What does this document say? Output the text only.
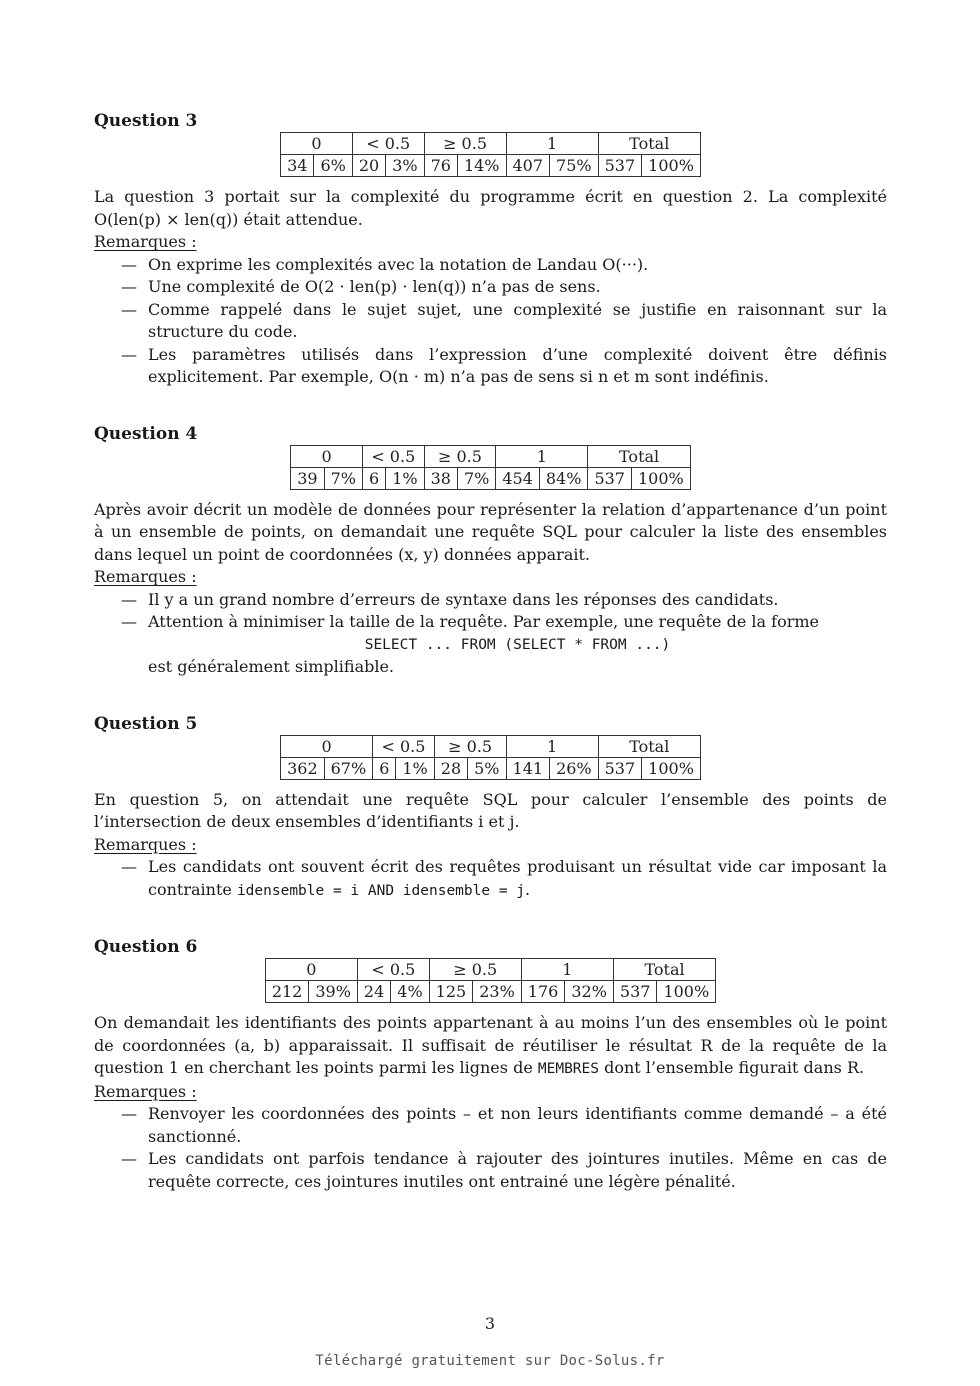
Question 3
0		< 0.5		≥ 0.5		1		Total	
34	6%	20	3%	76	14%	407	75%	537	100%

La question 3 portait sur la complexité du programme écrit en question 2. La complexité O(len(p) × len(q)) était attendue.

Remarques :
— On exprime les complexités avec la notation de Landau O(···).
— Une complexité de O(2 · len(p) · len(q)) n’a pas de sens.
— Comme rappelé dans le sujet sujet, une complexité se justifie en raisonnant sur la structure du code.
— Les paramètres utilisés dans l’expression d’une complexité doivent être définis explicitement. Par exemple, O(n · m) n’a pas de sens si n et m sont indéfinis.
Question 4
0		< 0.5		≥ 0.5		1		Total	
39	7%	6	1%	38	7%	454	84%	537	100%

Après avoir décrit un modèle de données pour représenter la relation d’appartenance d’un point à un ensemble de points, on demandait une requête SQL pour calculer la liste des ensembles dans lequel un point de coordonnées (x, y) données apparait.

Remarques :
— Il y a un grand nombre d’erreurs de syntaxe dans les réponses des candidats.
— Attention à minimiser la taille de la requête. Par exemple, une requête de la forme
SELECT ... FROM (SELECT * FROM ...)
est généralement simplifiable.
Question 5
0		< 0.5		≥ 0.5		1		Total	
362	67%	6	1%	28	5%	141	26%	537	100%

En question 5, on attendait une requête SQL pour calculer l’ensemble des points de l’intersection de deux ensembles d’identifiants i et j.

Remarques :
— Les candidats ont souvent écrit des requêtes produisant un résultat vide car imposant la contrainte idensemble = i AND idensemble = j.
Question 6
0		< 0.5		≥ 0.5		1		Total	
212	39%	24	4%	125	23%	176	32%	537	100%

On demandait les identifiants des points appartenant à au moins l’un des ensembles où le point de coordonnées (a, b) apparaissait. Il suffisait de réutiliser le résultat R de la requête de la question 1 en cherchant les points parmi les lignes de MEMBRES dont l’ensemble figurait dans R.

Remarques :
— Renvoyer les coordonnées des points – et non leurs identifiants comme demandé – a été sanctionné.
— Les candidats ont parfois tendance à rajouter des jointures inutiles. Même en cas de requête correcte, ces jointures inutiles ont entrainé une légère pénalité.
3
Téléchargé gratuitement sur Doc-Solus.fr
